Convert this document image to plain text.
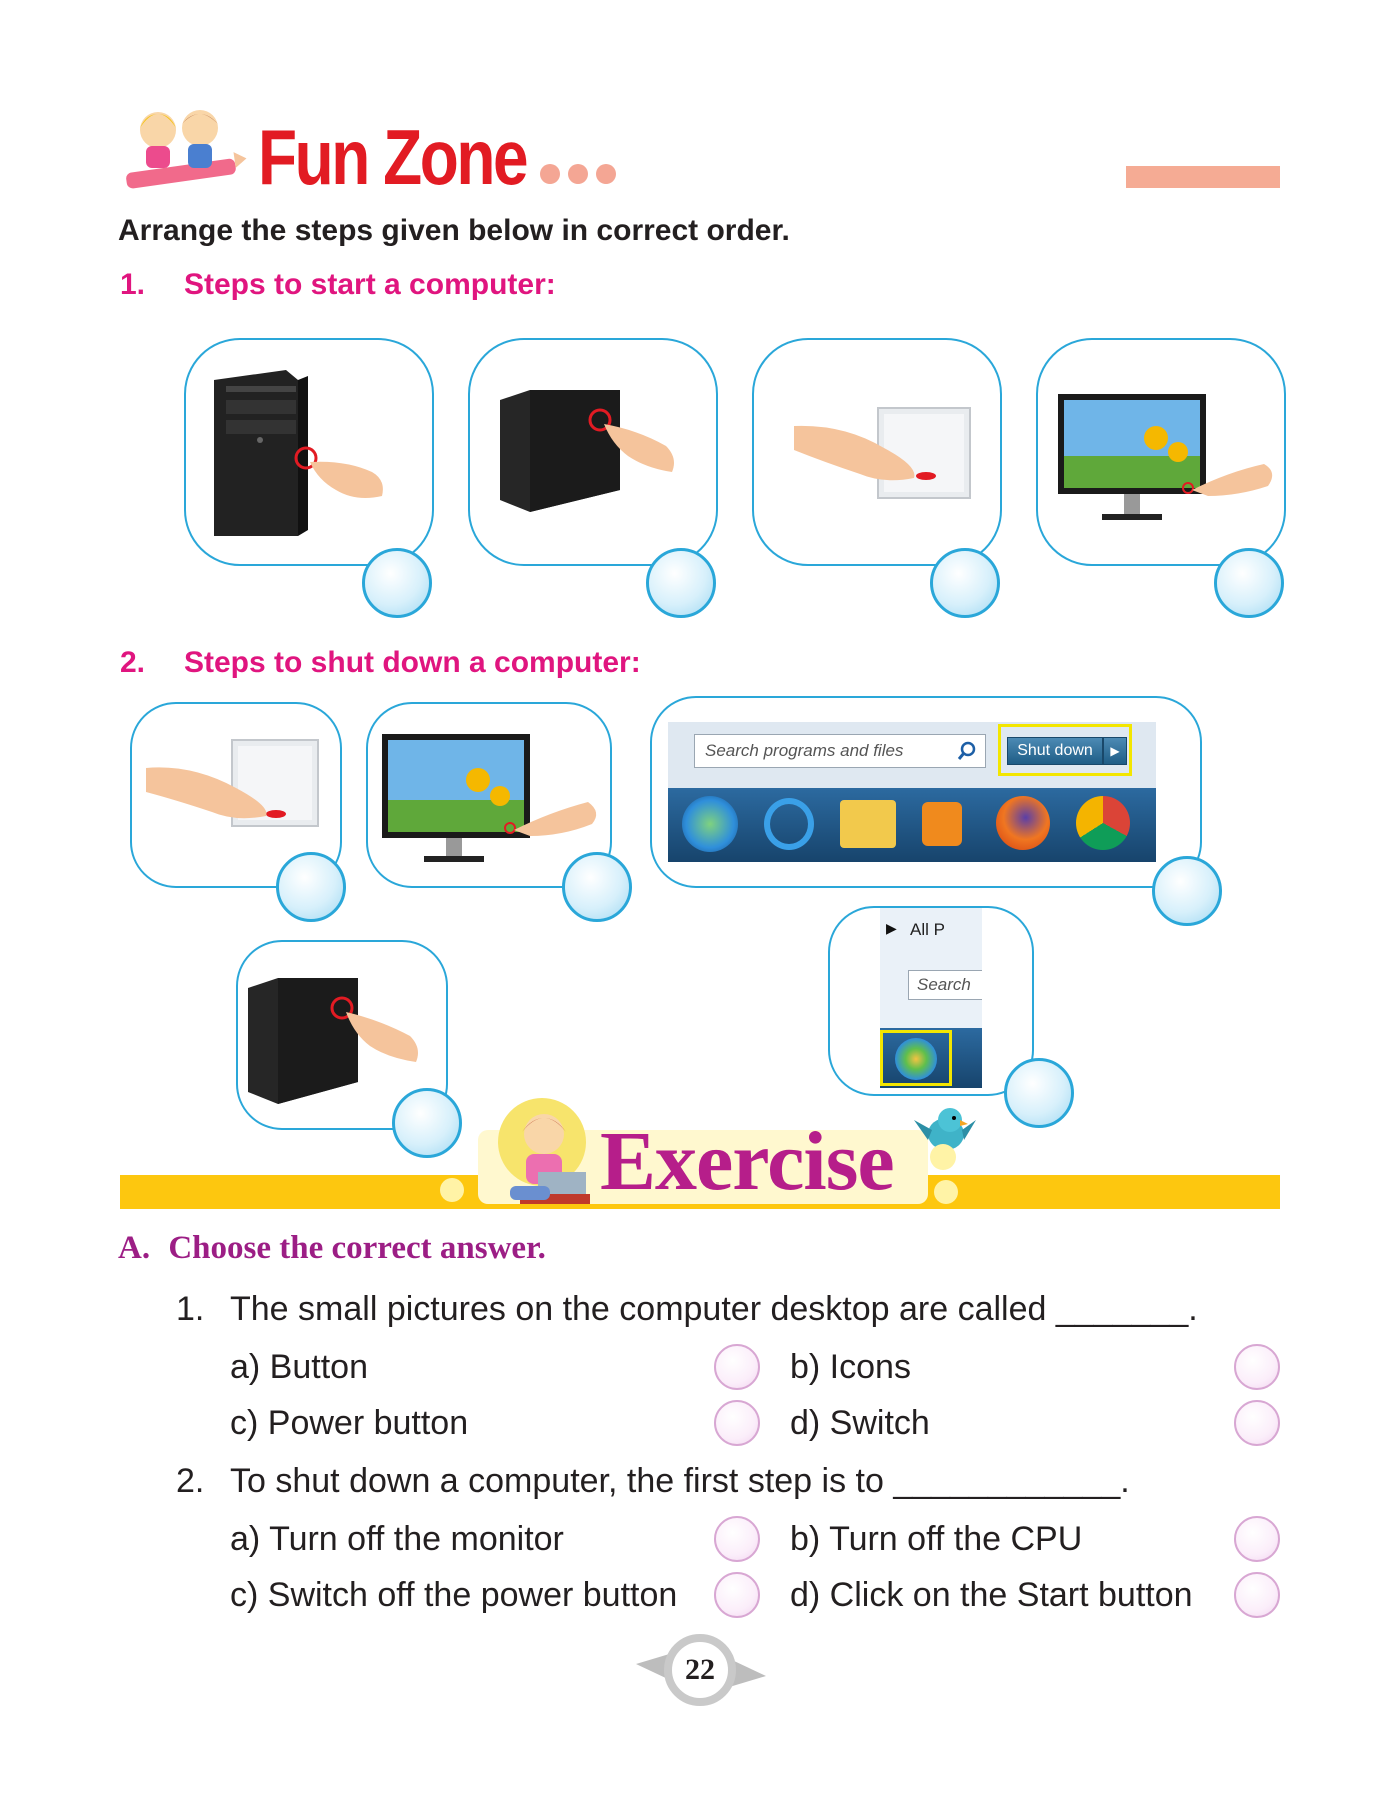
Fun Zone
Arrange the steps given below in correct order.
1. Steps to start a computer:
2. Steps to shut down a computer:
Search programs and files	Shut down	▶
▶ All P
Search
Exercise
A. Choose the correct answer.
1. The small pictures on the computer desktop are called _______.
a) Button	b) Icons
c) Power button	d) Switch
2. To shut down a computer, the first step is to ____________.
a) Turn off the monitor	b) Turn off the CPU
c) Switch off the power button	d) Click on the Start button
22
